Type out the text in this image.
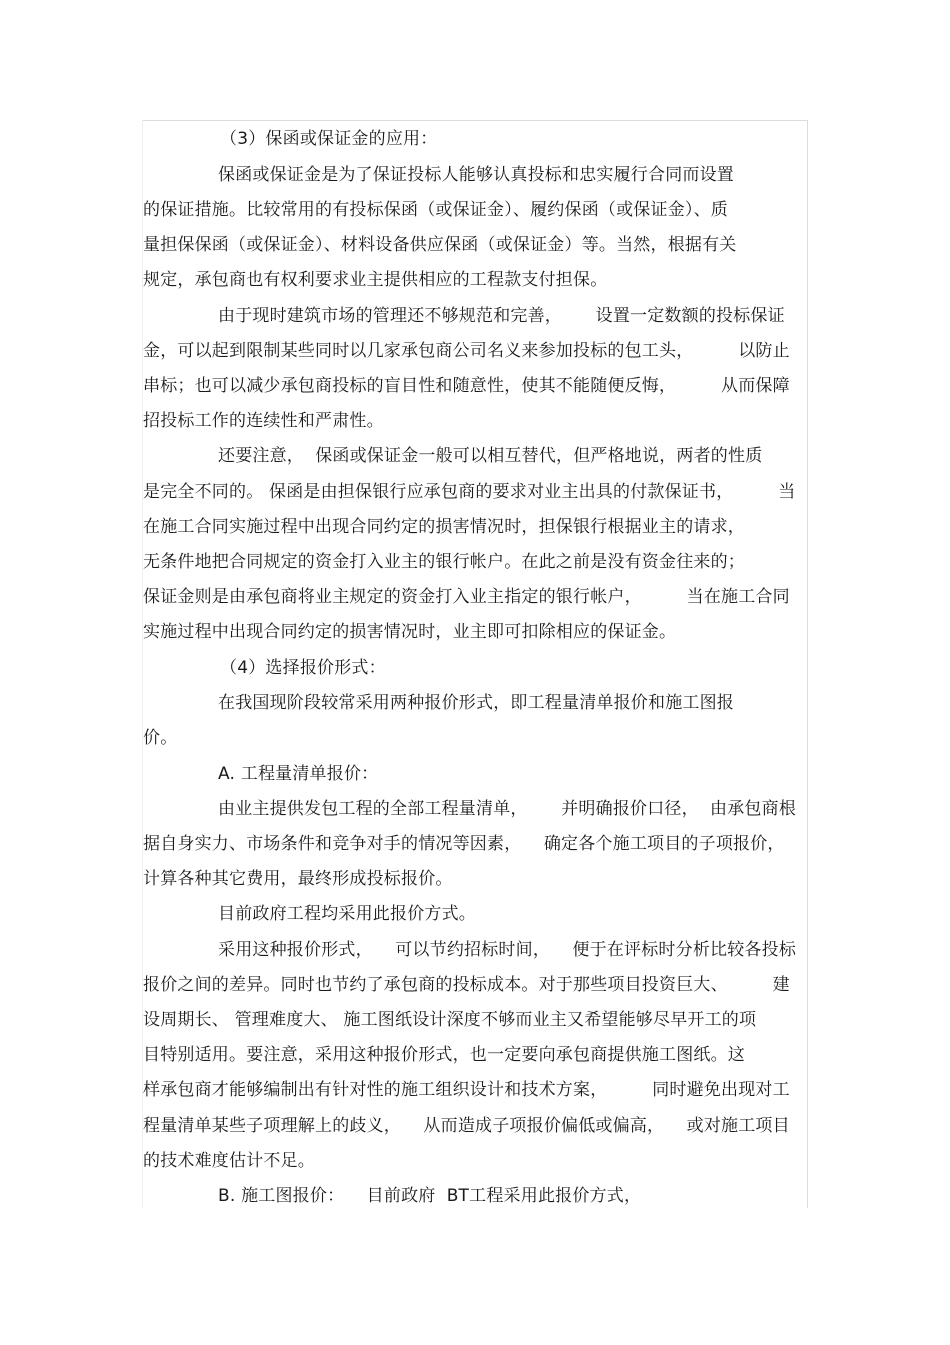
（3）保函或保证金的应用：
保函或保证金是为了保证投标人能够认真投标和忠实履行合同而设置
的保证措施。比较常用的有投标保函（或保证金）、履约保函（或保证金）、质
量担保保函（或保证金）、材料设备供应保函（或保证金）等。当然，根据有关
规定，承包商也有权利要求业主提供相应的工程款支付担保。
由于现时建筑市场的管理还不够规范和完善，      设置一定数额的投标保证
金，可以起到限制某些同时以几家承包商公司名义来参加投标的包工头，        以防止
串标；也可以减少承包商投标的盲目性和随意性，使其不能随便反悔，        从而保障
招投标工作的连续性和严肃性。
还要注意，  保函或保证金一般可以相互替代，但严格地说，两者的性质
是完全不同的。 保函是由担保银行应承包商的要求对业主出具的付款保证书，        当
在施工合同实施过程中出现合同约定的损害情况时，担保银行根据业主的请求，
无条件地把合同规定的资金打入业主的银行帐户。在此之前是没有资金往来的；
保证金则是由承包商将业主规定的资金打入业主指定的银行帐户，        当在施工合同
实施过程中出现合同约定的损害情况时，业主即可扣除相应的保证金。
（4）选择报价形式：
在我国现阶段较常采用两种报价形式，即工程量清单报价和施工图报
价。
A. 工程量清单报价：
由业主提供发包工程的全部工程量清单，      并明确报价口径，  由承包商根
据自身实力、市场条件和竞争对手的情况等因素，    确定各个施工项目的子项报价，
计算各种其它费用，最终形成投标报价。
目前政府工程均采用此报价方式。
采用这种报价形式，    可以节约招标时间，    便于在评标时分析比较各投标
报价之间的差异。同时也节约了承包商的投标成本。对于那些项目投资巨大、        建
设周期长、 管理难度大、 施工图纸设计深度不够而业主又希望能够尽早开工的项
目特别适用。要注意，采用这种报价形式，也一定要向承包商提供施工图纸。这
样承包商才能够编制出有针对性的施工组织设计和技术方案，        同时避免出现对工
程量清单某些子项理解上的歧义，    从而造成子项报价偏低或偏高，    或对施工项目
的技术难度估计不足。
B. 施工图报价：    目前政府  BT工程采用此报价方式，
